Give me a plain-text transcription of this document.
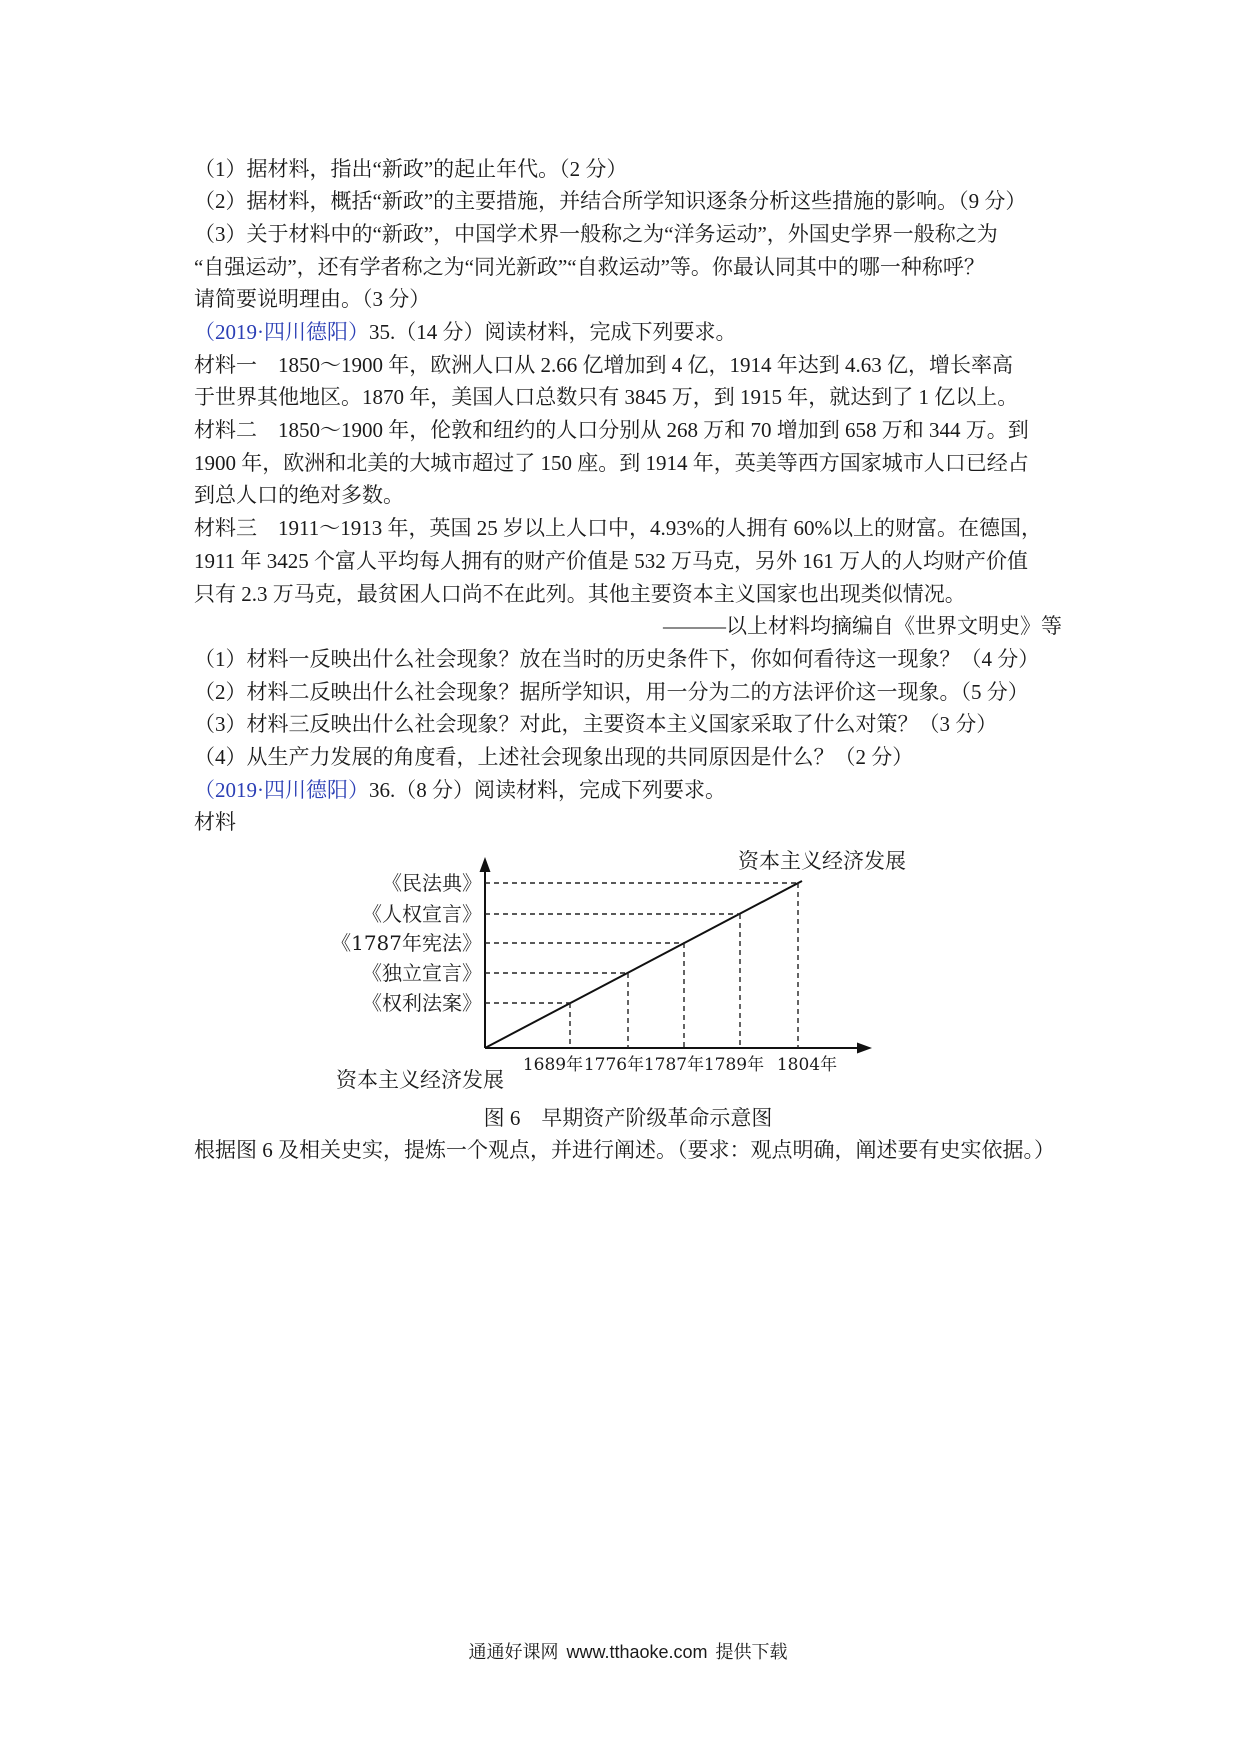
（1）据材料，指出“新政”的起止年代。（2 分）
（2）据材料，概括“新政”的主要措施，并结合所学知识逐条分析这些措施的影响。（9 分）
（3）关于材料中的“新政”，中国学术界一般称之为“洋务运动”，外国史学界一般称之为
“自强运动”，还有学者称之为“同光新政”“自救运动”等。你最认同其中的哪一种称呼？
请简要说明理由。（3 分）
（2019·四川德阳）35.（14 分）阅读材料，完成下列要求。
材料一　1850～1900 年，欧洲人口从 2.66 亿增加到 4 亿，1914 年达到 4.63 亿，增长率高
于世界其他地区。1870 年，美国人口总数只有 3845 万，到 1915 年，就达到了 1 亿以上。
材料二　1850～1900 年，伦敦和纽约的人口分别从 268 万和 70 增加到 658 万和 344 万。到
1900 年，欧洲和北美的大城市超过了 150 座。到 1914 年，英美等西方国家城市人口已经占
到总人口的绝对多数。
材料三　1911～1913 年，英国 25 岁以上人口中，4.93%的人拥有 60%以上的财富。在德国，
1911 年 3425 个富人平均每人拥有的财产价值是 532 万马克，另外 161 万人的人均财产价值
只有 2.3 万马克，最贫困人口尚不在此列。其他主要资本主义国家也出现类似情况。
———以上材料均摘编自《世界文明史》等
（1）材料一反映出什么社会现象？放在当时的历史条件下，你如何看待这一现象？（4 分）
（2）材料二反映出什么社会现象？据所学知识，用一分为二的方法评价这一现象。（5 分）
（3）材料三反映出什么社会现象？对此，主要资本主义国家采取了什么对策？（3 分）
（4）从生产力发展的角度看，上述社会现象出现的共同原因是什么？（2 分）
（2019·四川德阳）36.（8 分）阅读材料，完成下列要求。
材料
《权利法案》
《独立宣言》
《1787年宪法》
《人权宣言》
《民法典》
1689年 1776年 1787年 1789年 1804年
资本主义经济发展
资本主义经济发展
图 6　早期资产阶级革命示意图
根据图 6 及相关史实，提炼一个观点，并进行阐述。（要求：观点明确，阐述要有史实依据。）
通通好课网 www.tthaoke.com 提供下载
